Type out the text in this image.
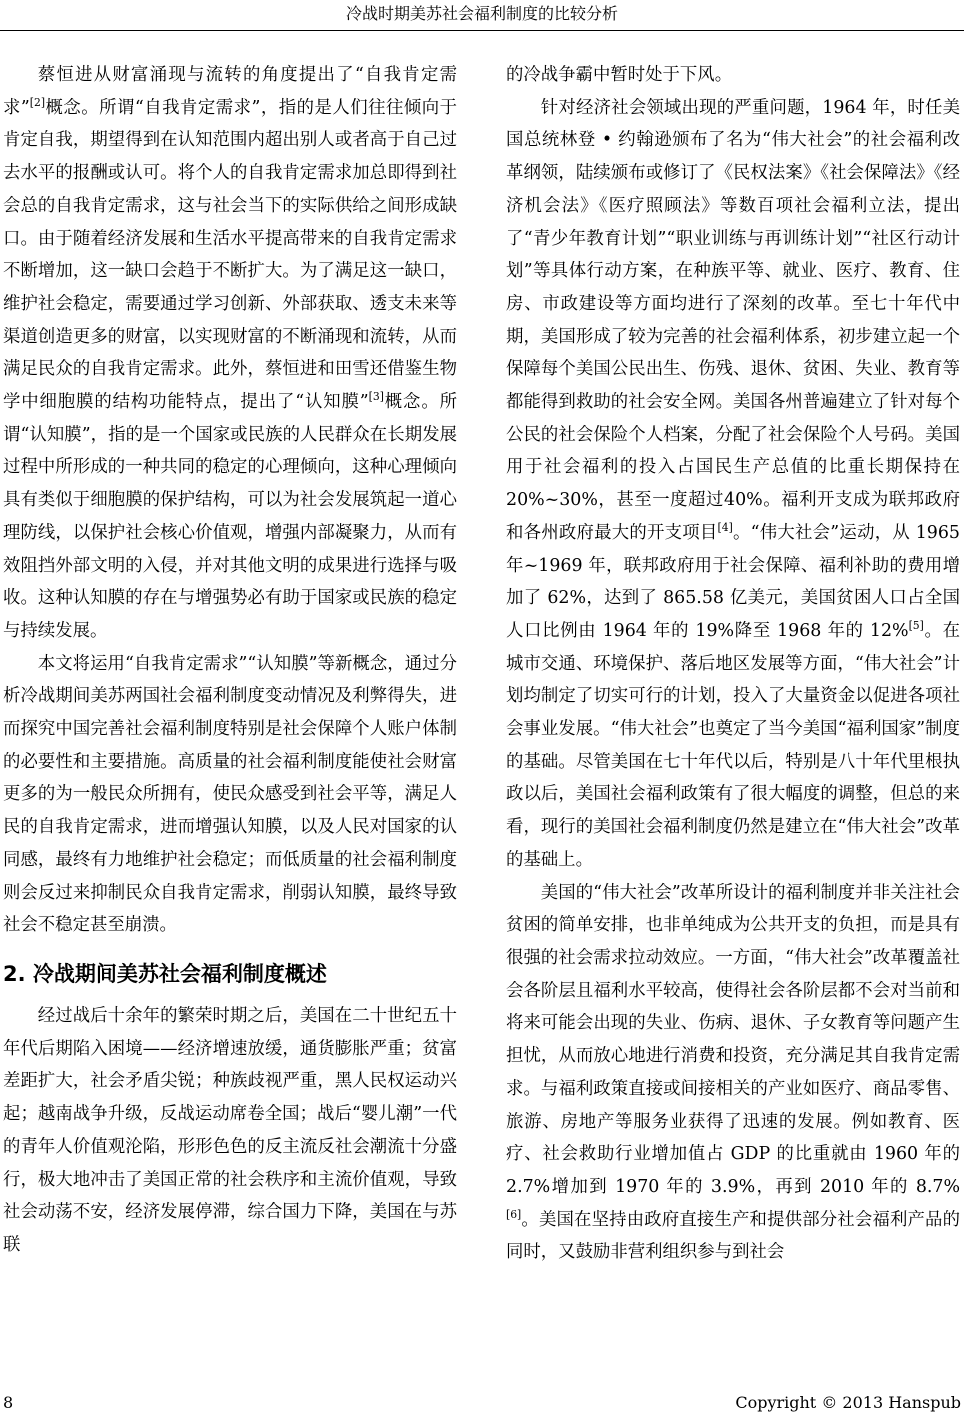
冷战时期美苏社会福利制度的比较分析

蔡恒进从财富涌现与流转的角度提出了“自我肯定需求”[2]概念。所谓“自我肯定需求”，指的是人们往往倾向于肯定自我，期望得到在认知范围内超出别人或者高于自己过去水平的报酬或认可。将个人的自我肯定需求加总即得到社会总的自我肯定需求，这与社会当下的实际供给之间形成缺口。由于随着经济发展和生活水平提高带来的自我肯定需求不断增加，这一缺口会趋于不断扩大。为了满足这一缺口，维护社会稳定，需要通过学习创新、外部获取、透支未来等渠道创造更多的财富，以实现财富的不断涌现和流转，从而满足民众的自我肯定需求。此外，蔡恒进和田雪还借鉴生物学中细胞膜的结构功能特点，提出了“认知膜”[3]概念。所谓“认知膜”，指的是一个国家或民族的人民群众在长期发展过程中所形成的一种共同的稳定的心理倾向，这种心理倾向具有类似于细胞膜的保护结构，可以为社会发展筑起一道心理防线，以保护社会核心价值观，增强内部凝聚力，从而有效阻挡外部文明的入侵，并对其他文明的成果进行选择与吸收。这种认知膜的存在与增强势必有助于国家或民族的稳定与持续发展。

本文将运用“自我肯定需求”“认知膜”等新概念，通过分析冷战期间美苏两国社会福利制度变动情况及利弊得失，进而探究中国完善社会福利制度特别是社会保障个人账户体制的必要性和主要措施。高质量的社会福利制度能使社会财富更多的为一般民众所拥有，使民众感受到社会平等，满足人民的自我肯定需求，进而增强认知膜，以及人民对国家的认同感，最终有力地维护社会稳定；而低质量的社会福利制度则会反过来抑制民众自我肯定需求，削弱认知膜，最终导致社会不稳定甚至崩溃。

2. 冷战期间美苏社会福利制度概述

经过战后十余年的繁荣时期之后，美国在二十世纪五十年代后期陷入困境——经济增速放缓，通货膨胀严重；贫富差距扩大，社会矛盾尖锐；种族歧视严重，黑人民权运动兴起；越南战争升级，反战运动席卷全国；战后“婴儿潮”一代的青年人价值观沦陷，形形色色的反主流反社会潮流十分盛行，极大地冲击了美国正常的社会秩序和主流价值观，导致社会动荡不安，经济发展停滞，综合国力下降，美国在与苏联

的冷战争霸中暂时处于下风。

针对经济社会领域出现的严重问题，1964 年，时任美国总统林登 • 约翰逊颁布了名为“伟大社会”的社会福利改革纲领，陆续颁布或修订了《民权法案》《社会保障法》《经济机会法》《医疗照顾法》等数百项社会福利立法，提出了“青少年教育计划”“职业训练与再训练计划”“社区行动计划”等具体行动方案，在种族平等、就业、医疗、教育、住房、市政建设等方面均进行了深刻的改革。至七十年代中期，美国形成了较为完善的社会福利体系，初步建立起一个保障每个美国公民出生、伤残、退休、贫困、失业、教育等都能得到救助的社会安全网。美国各州普遍建立了针对每个公民的社会保险个人档案，分配了社会保险个人号码。美国用于社会福利的投入占国民生产总值的比重长期保持在 20%~30%，甚至一度超过40%。福利开支成为联邦政府和各州政府最大的开支项目[4]。“伟大社会”运动，从 1965 年~1969 年，联邦政府用于社会保障、福利补助的费用增加了 62%，达到了 865.58 亿美元，美国贫困人口占全国人口比例由 1964 年的 19%降至 1968 年的 12%[5]。在城市交通、环境保护、落后地区发展等方面，“伟大社会”计划均制定了切实可行的计划，投入了大量资金以促进各项社会事业发展。“伟大社会”也奠定了当今美国“福利国家”制度的基础。尽管美国在七十年代以后，特别是八十年代里根执政以后，美国社会福利政策有了很大幅度的调整，但总的来看，现行的美国社会福利制度仍然是建立在“伟大社会”改革的基础上。

美国的“伟大社会”改革所设计的福利制度并非关注社会贫困的简单安排，也非单纯成为公共开支的负担，而是具有很强的社会需求拉动效应。一方面，“伟大社会”改革覆盖社会各阶层且福利水平较高，使得社会各阶层都不会对当前和将来可能会出现的失业、伤病、退休、子女教育等问题产生担忧，从而放心地进行消费和投资，充分满足其自我肯定需求。与福利政策直接或间接相关的产业如医疗、商品零售、旅游、房地产等服务业获得了迅速的发展。例如教育、医疗、社会救助行业增加值占 GDP 的比重就由 1960 年的 2.7%增加到 1970 年的 3.9%，再到 2010 年的 8.7%[6]。美国在坚持由政府直接生产和提供部分社会福利产品的同时，又鼓励非营利组织参与到社会

8	Copyright © 2013 Hanspub
